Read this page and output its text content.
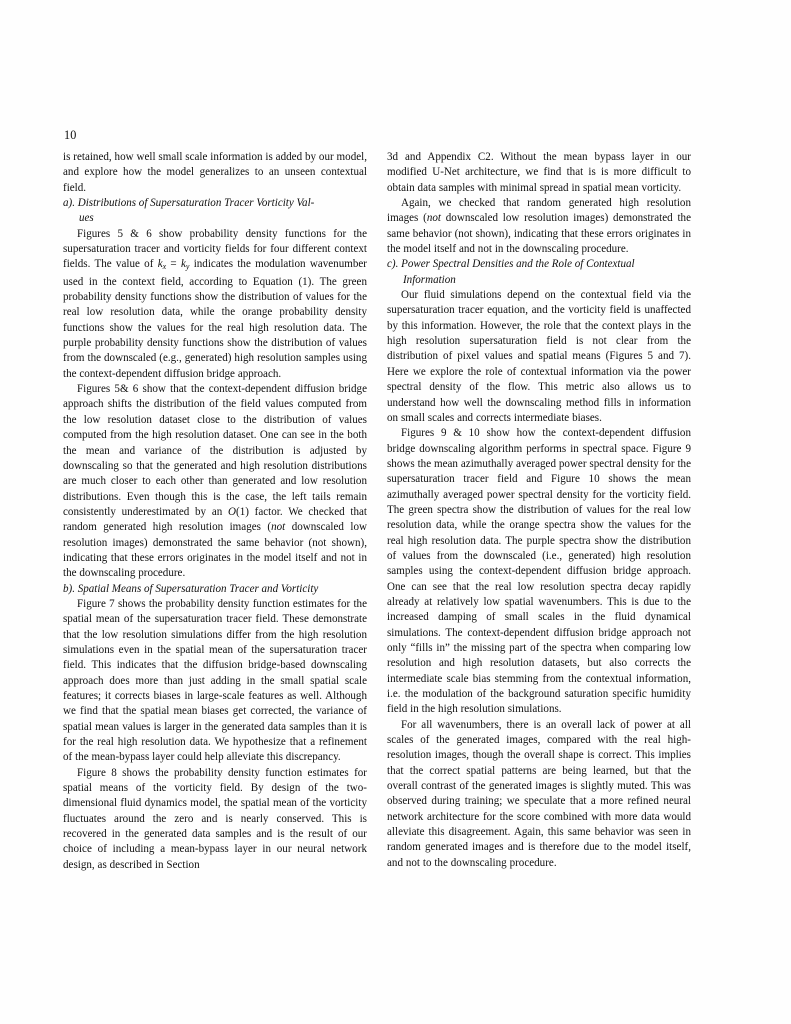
10

is retained, how well small scale information is added by our model, and explore how the model generalizes to an unseen contextual field.

a). Distributions of Supersaturation Tracer Vorticity Val-
ues

Figures 5 & 6 show probability density functions for the supersaturation tracer and vorticity fields for four different context fields. The value of $k_x = k_y$ indicates the modulation wavenumber used in the context field, according to Equation (1). The green probability density functions show the distribution of values for the real low resolution data, while the orange probability density functions show the values for the real high resolution data. The purple probability density functions show the distribution of values from the downscaled (e.g., generated) high resolution samples using the context-dependent diffusion bridge approach.

Figures 5& 6 show that the context-dependent diffusion bridge approach shifts the distribution of the field values computed from the low resolution dataset close to the distribution of values computed from the high resolution dataset. One can see in the both the mean and variance of the distribution is adjusted by downscaling so that the generated and high resolution distributions are much closer to each other than generated and low resolution distributions. Even though this is the case, the left tails remain consistently underestimated by an O(1) factor. We checked that random generated high resolution images (not downscaled low resolution images) demonstrated the same behavior (not shown), indicating that these errors originates in the model itself and not in the downscaling procedure.

b). Spatial Means of Supersaturation Tracer and Vorticity

Figure 7 shows the probability density function estimates for the spatial mean of the supersaturation tracer field. These demonstrate that the low resolution simulations differ from the high resolution simulations even in the spatial mean of the supersaturation tracer field. This indicates that the diffusion bridge-based downscaling approach does more than just adding in the small spatial scale features; it corrects biases in large-scale features as well. Although we find that the spatial mean biases get corrected, the variance of spatial mean values is larger in the generated data samples than it is for the real high resolution data. We hypothesize that a refinement of the mean-bypass layer could help alleviate this discrepancy.

Figure 8 shows the probability density function estimates for spatial means of the vorticity field. By design of the two-dimensional fluid dynamics model, the spatial mean of the vorticity fluctuates around the zero and is nearly conserved. This is recovered in the generated data samples and is the result of our choice of including a mean-bypass layer in our neural network design, as described in Section

3d and Appendix C2. Without the mean bypass layer in our modified U-Net architecture, we find that is is more difficult to obtain data samples with minimal spread in spatial mean vorticity.

Again, we checked that random generated high resolution images (not downscaled low resolution images) demonstrated the same behavior (not shown), indicating that these errors originates in the model itself and not in the downscaling procedure.

c). Power Spectral Densities and the Role of Contextual
Information

Our fluid simulations depend on the contextual field via the supersaturation tracer equation, and the vorticity field is unaffected by this information. However, the role that the context plays in the high resolution supersaturation field is not clear from the distribution of pixel values and spatial means (Figures 5 and 7). Here we explore the role of contextual information via the power spectral density of the flow. This metric also allows us to understand how well the downscaling method fills in information on small scales and corrects intermediate biases.

Figures 9 & 10 show how the context-dependent diffusion bridge downscaling algorithm performs in spectral space. Figure 9 shows the mean azimuthally averaged power spectral density for the supersaturation tracer field and Figure 10 shows the mean azimuthally averaged power spectral density for the vorticity field. The green spectra show the distribution of values for the real low resolution data, while the orange spectra show the values for the real high resolution data. The purple spectra show the distribution of values from the downscaled (i.e., generated) high resolution samples using the context-dependent diffusion bridge approach. One can see that the real low resolution spectra decay rapidly already at relatively low spatial wavenumbers. This is due to the increased damping of small scales in the fluid dynamical simulations. The context-dependent diffusion bridge approach not only “fills in” the missing part of the spectra when comparing low resolution and high resolution datasets, but also corrects the intermediate scale bias stemming from the contextual information, i.e. the modulation of the background saturation specific humidity field in the high resolution simulations.

For all wavenumbers, there is an overall lack of power at all scales of the generated images, compared with the real high-resolution images, though the overall shape is correct. This implies that the correct spatial patterns are being learned, but that the overall contrast of the generated images is slightly muted. This was observed during training; we speculate that a more refined neural network architecture for the score combined with more data would alleviate this disagreement. Again, this same behavior was seen in random generated images and is therefore due to the model itself, and not to the downscaling procedure.
